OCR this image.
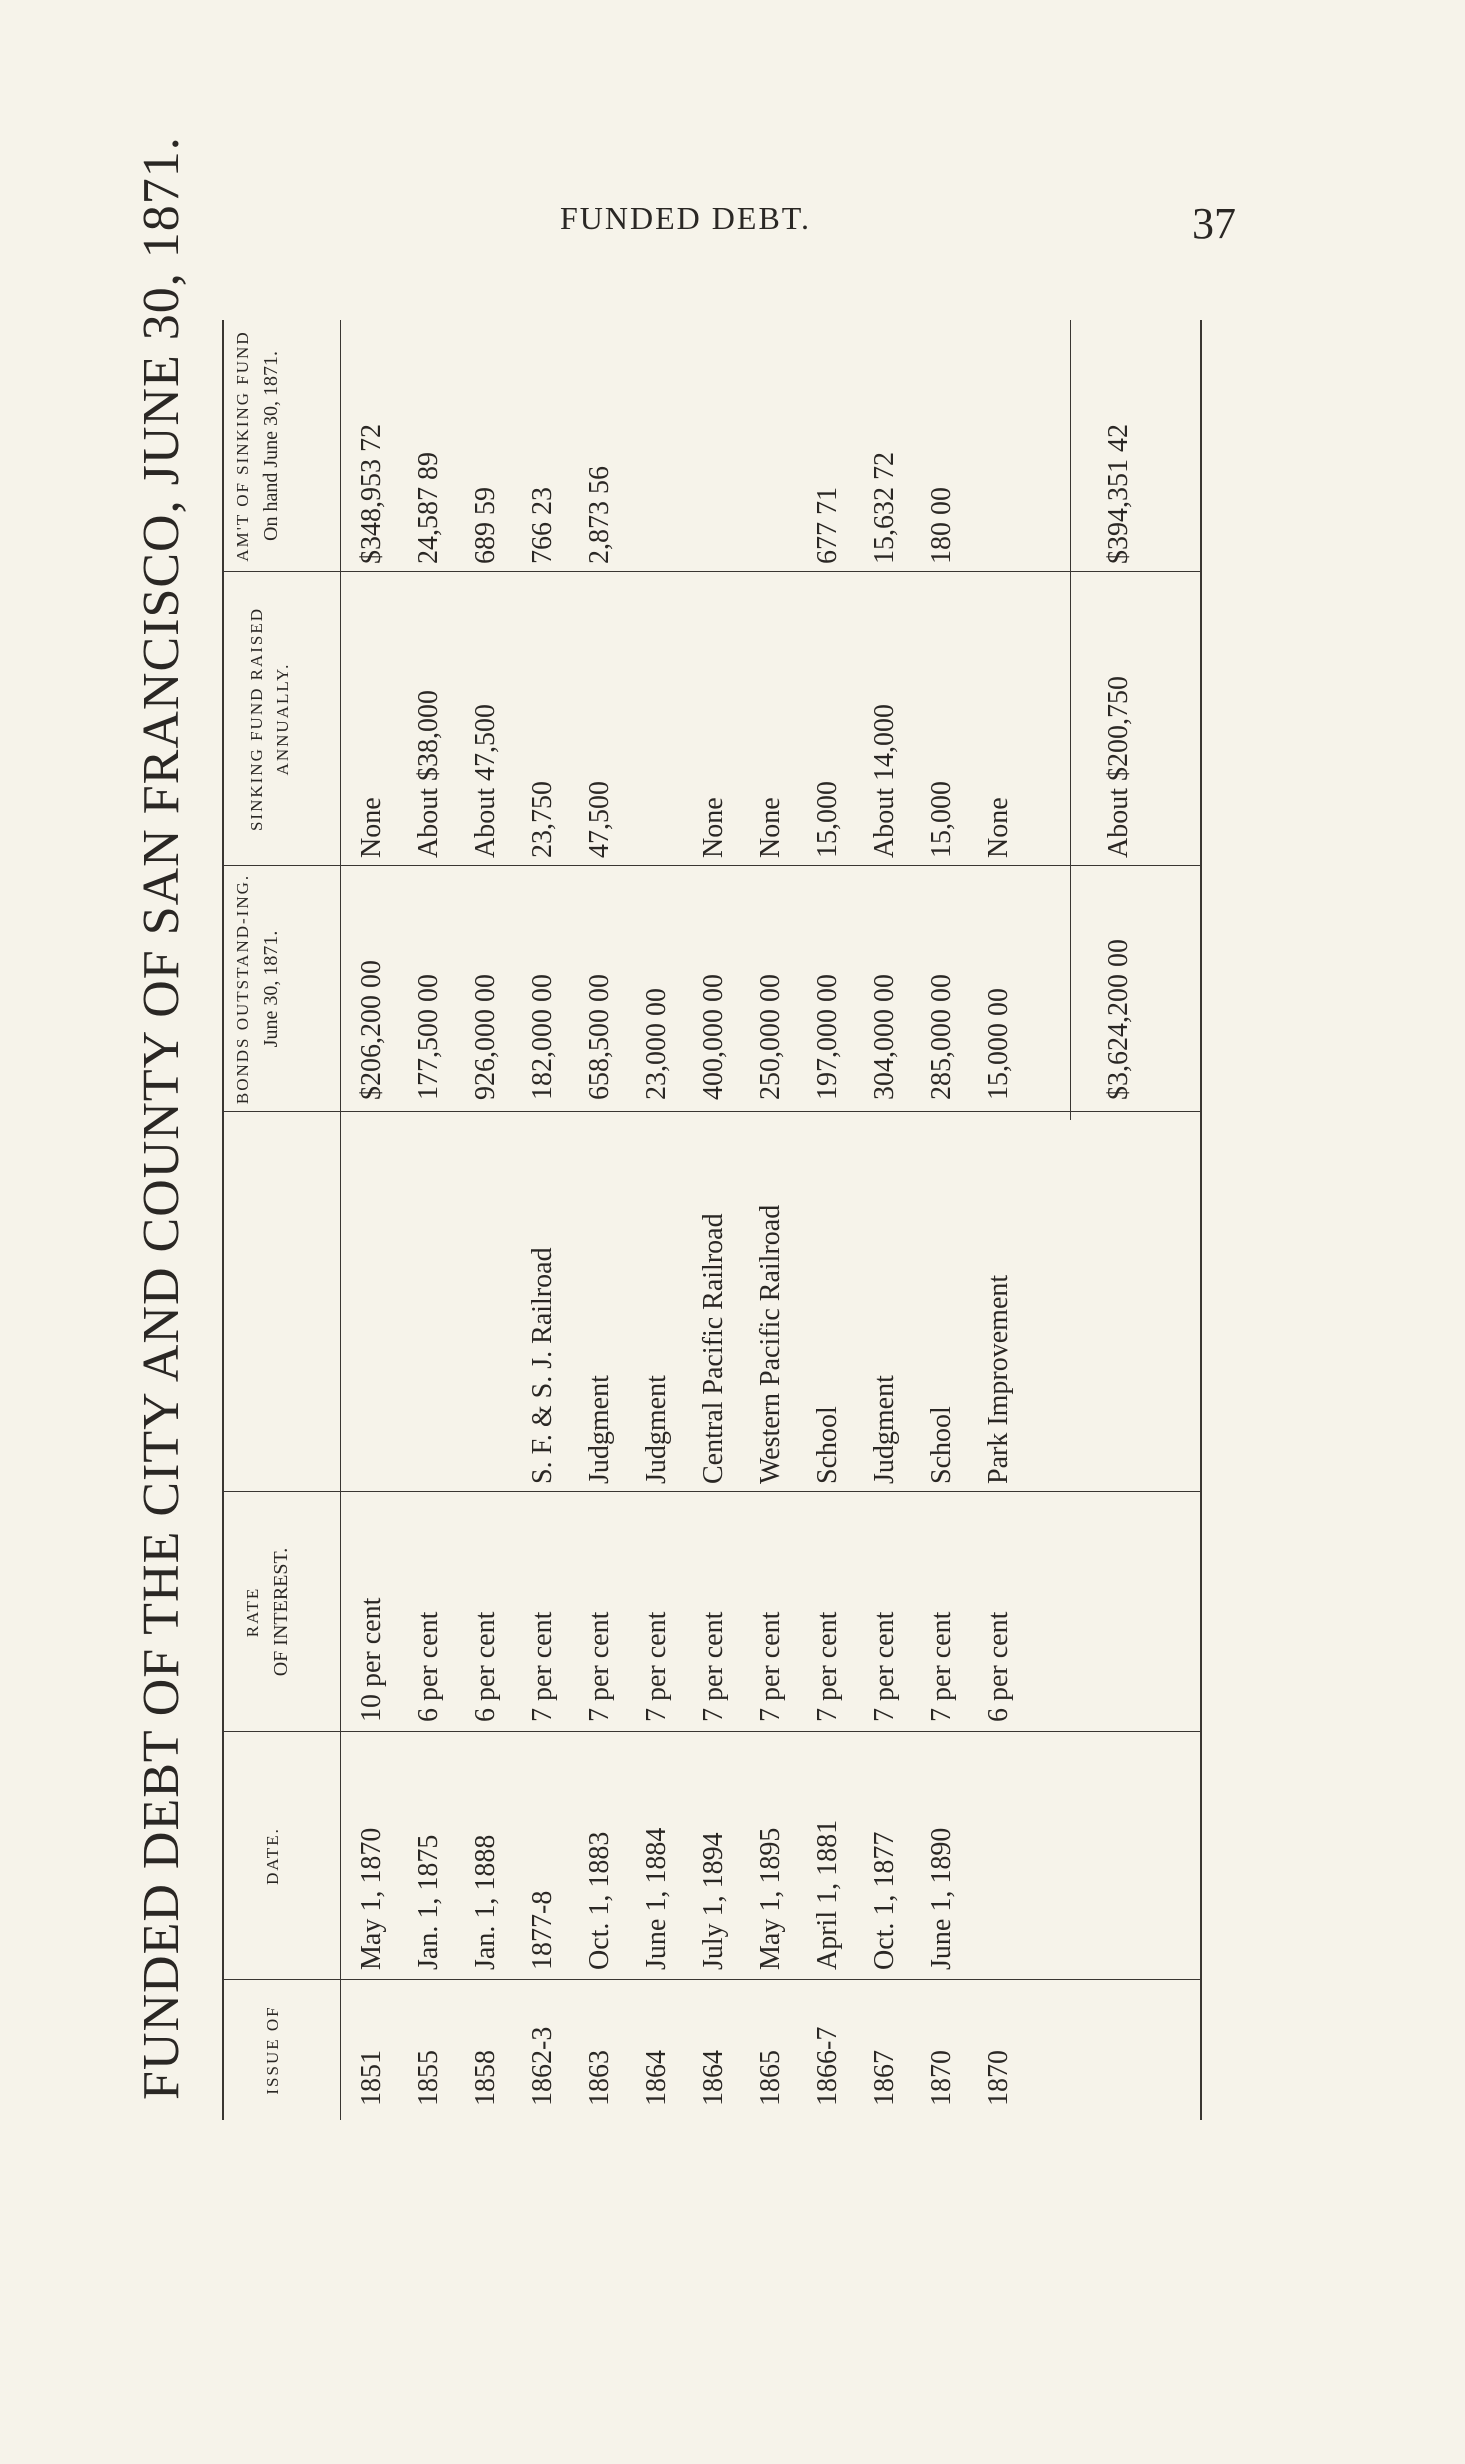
FUNDED DEBT.	37
FUNDED DEBT OF THE CITY AND COUNTY OF SAN FRANCISCO, JUNE 30, 1871.	ISSUE OF
DATE.
RATE OF INTEREST.
BONDS OUTSTAND-ING. June 30, 1871.
SINKING FUND RAISED ANNUALLY.
AM'T OF SINKING FUND On hand June 30, 1871.
1851
May 1, 1870
10 per cent
$206,200 00
None
$348,953 72
1855
Jan. 1, 1875
6 per cent
177,500 00
About $38,000
24,587 89
1858
Jan. 1, 1888
6 per cent
926,000 00
About 47,500
689 59
1862-3
1877-8
7 per cent
S. F. & S. J. Railroad
182,000 00
23,750
766 23
1863
Oct. 1, 1883
7 per cent
Judgment
658,500 00
47,500
2,873 56
1864
June 1, 1884
7 per cent
Judgment
23,000 00
1864
July 1, 1894
7 per cent
Central Pacific Railroad
400,000 00
None
1865
May 1, 1895
7 per cent
Western Pacific Railroad
250,000 00
None
1866-7
April 1, 1881
7 per cent
School
197,000 00
15,000
677 71
1867
Oct. 1, 1877
7 per cent
Judgment
304,000 00
About 14,000
15,632 72
1870
June 1, 1890
7 per cent
School
285,000 00
15,000
180 00
1870
6 per cent
Park Improvement
15,000 00
None
$3,624,200 00
About $200,750
$394,351 42
